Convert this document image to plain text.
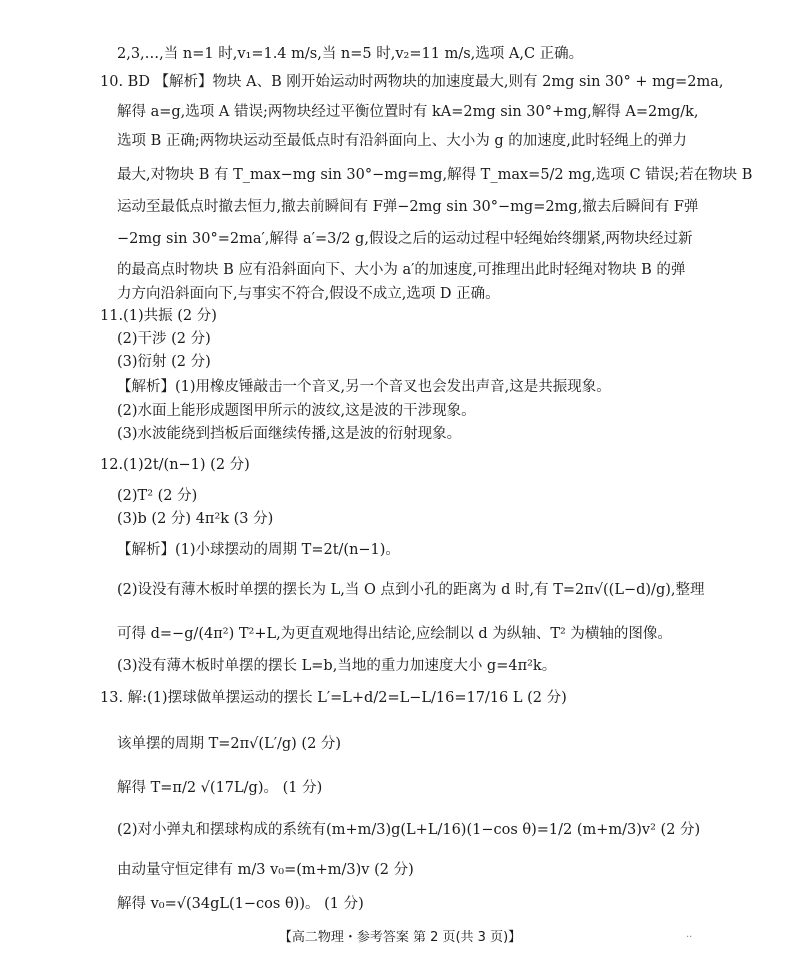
2,3,…,当 n=1 时,v₁=1.4 m/s,当 n=5 时,v₂=11 m/s,选项 A,C 正确。
10. BD 【解析】物块 A、B 刚开始运动时两物块的加速度最大,则有 2mg sin 30° + mg=2ma,
解得 a=g,选项 A 错误;两物块经过平衡位置时有 kA=2mg sin 30°+mg,解得 A=2mg/k,
选项 B 正确;两物块运动至最低点时有沿斜面向上、大小为 g 的加速度,此时轻绳上的弹力
最大,对物块 B 有 T_max−mg sin 30°−mg=mg,解得 T_max=5/2 mg,选项 C 错误;若在物块 B
运动至最低点时撤去恒力,撤去前瞬间有 F弹−2mg sin 30°−mg=2mg,撤去后瞬间有 F弹
−2mg sin 30°=2ma′,解得 a′=3/2 g,假设之后的运动过程中轻绳始终绷紧,两物块经过新
的最高点时物块 B 应有沿斜面向下、大小为 a′的加速度,可推理出此时轻绳对物块 B 的弹
力方向沿斜面向下,与事实不符合,假设不成立,选项 D 正确。
11.(1)共振 (2 分)
(2)干涉 (2 分)
(3)衍射 (2 分)
【解析】(1)用橡皮锤敲击一个音叉,另一个音叉也会发出声音,这是共振现象。
(2)水面上能形成题图甲所示的波纹,这是波的干涉现象。
(3)水波能绕到挡板后面继续传播,这是波的衍射现象。
12.(1)2t/(n−1) (2 分)
(2)T² (2 分)
(3)b (2 分) 4π²k (3 分)
【解析】(1)小球摆动的周期 T=2t/(n−1)。
(2)设没有薄木板时单摆的摆长为 L,当 O 点到小孔的距离为 d 时,有 T=2π√((L−d)/g),整理
可得 d=−g/(4π²) T²+L,为更直观地得出结论,应绘制以 d 为纵轴、T² 为横轴的图像。
(3)没有薄木板时单摆的摆长 L=b,当地的重力加速度大小 g=4π²k。
13. 解:(1)摆球做单摆运动的摆长 L′=L+d/2=L−L/16=17/16 L (2 分)
该单摆的周期 T=2π√(L′/g) (2 分)
解得 T=π/2 √(17L/g)。 (1 分)
(2)对小弹丸和摆球构成的系统有(m+m/3)g(L+L/16)(1−cos θ)=1/2 (m+m/3)v² (2 分)
由动量守恒定律有 m/3 v₀=(m+m/3)v (2 分)
解得 v₀=√(34gL(1−cos θ))。 (1 分)
【高二物理・参考答案 第 2 页(共 3 页)】	··
